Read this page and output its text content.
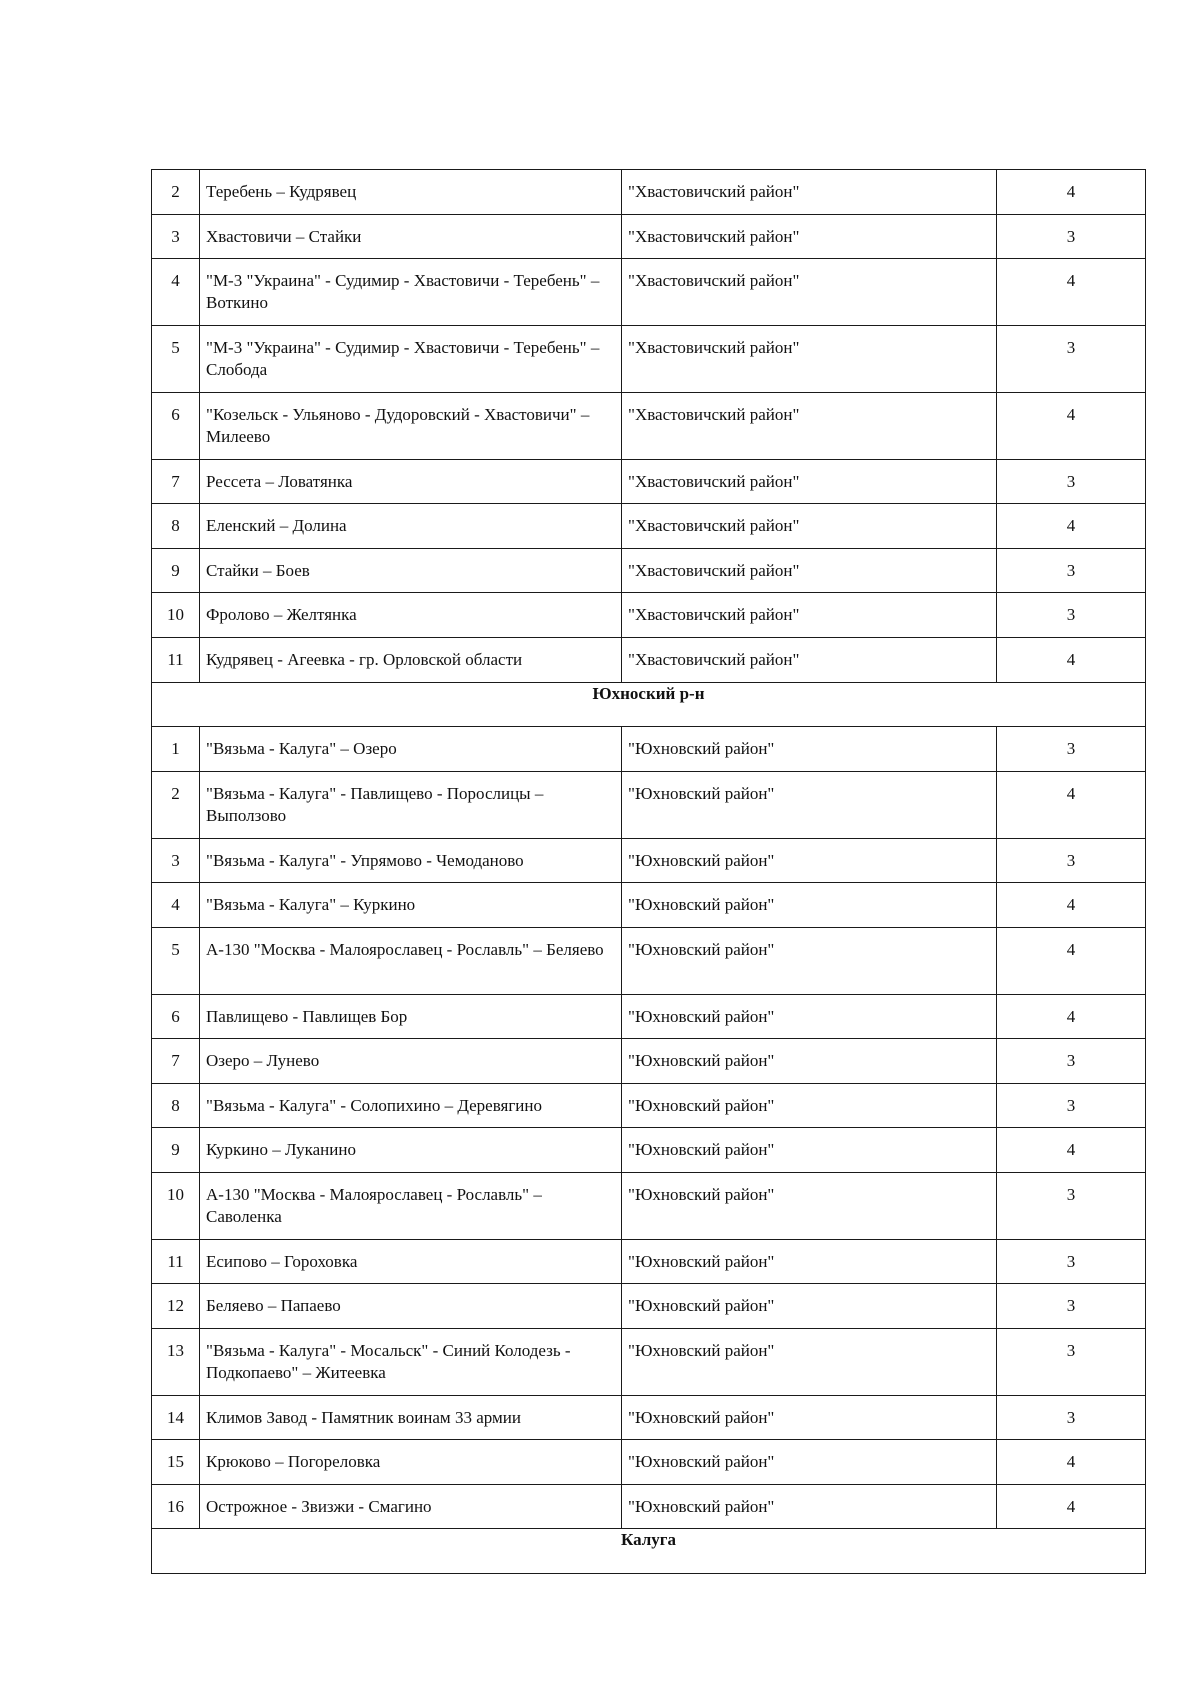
2	Теребень – Кудрявец	"Хвастовичский район"	4
3	Хвастовичи – Стайки	"Хвастовичский район"	3
4	"М-3 "Украина" - Судимир - Хвастовичи - Теребень" – Воткино	"Хвастовичский район"	4
5	"М-3 "Украина" - Судимир - Хвастовичи - Теребень" – Слобода	"Хвастовичский район"	3
6	"Козельск - Ульяново - Дудоровский - Хвастовичи" – Милеево	"Хвастовичский район"	4
7	Рессета – Ловатянка	"Хвастовичский район"	3
8	Еленский – Долина	"Хвастовичский район"	4
9	Стайки – Боев	"Хвастовичский район"	3
10	Фролово – Желтянка	"Хвастовичский район"	3
11	Кудрявец - Агеевка - гр. Орловской области	"Хвастовичский район"	4
Юхноский р-н			
1	"Вязьма - Калуга" – Озеро	"Юхновский район"	3
2	"Вязьма - Калуга" - Павлищево - Порослицы – Выползово	"Юхновский район"	4
3	"Вязьма - Калуга" - Упрямово - Чемоданово	"Юхновский район"	3
4	"Вязьма - Калуга" – Куркино	"Юхновский район"	4
5	А-130 "Москва - Малоярославец - Рославль" – Беляево	"Юхновский район"	4
6	Павлищево - Павлищев Бор	"Юхновский район"	4
7	Озеро – Лунево	"Юхновский район"	3
8	"Вязьма - Калуга" - Солопихино – Деревягино	"Юхновский район"	3
9	Куркино – Луканино	"Юхновский район"	4
10	А-130 "Москва - Малоярославец - Рославль" – Саволенка	"Юхновский район"	3
11	Есипово – Гороховка	"Юхновский район"	3
12	Беляево – Папаево	"Юхновский район"	3
13	"Вязьма - Калуга" - Мосальск" - Синий Колодезь - Подкопаево" – Житеевка	"Юхновский район"	3
14	Климов Завод - Памятник воинам 33 армии	"Юхновский район"	3
15	Крюково – Погореловка	"Юхновский район"	4
16	Острожное - Звизжи - Смагино	"Юхновский район"	4
Калуга			
